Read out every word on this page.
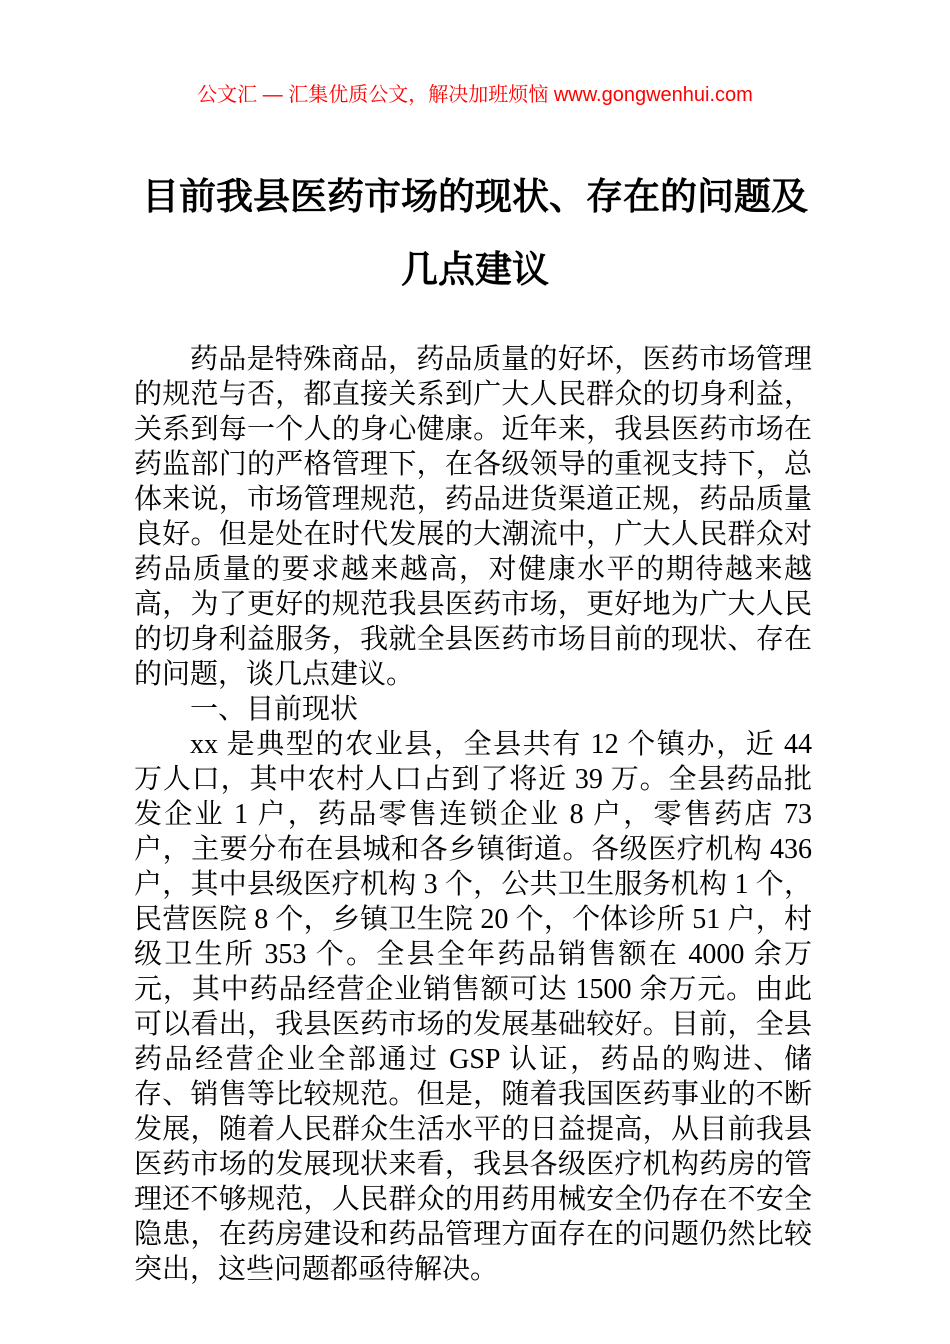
公文汇 — 汇集优质公文，解决加班烦恼 www.gongwenhui.com
目前我县医药市场的现状、存在的问题及
几点建议

药品是特殊商品，药品质量的好坏，医药市场管理的规范与否，都直接关系到广大人民群众的切身利益，关系到每一个人的身心健康。近年来，我县医药市场在药监部门的严格管理下，在各级领导的重视支持下，总体来说，市场管理规范，药品进货渠道正规，药品质量良好。但是处在时代发展的大潮流中，广大人民群众对药品质量的要求越来越高，对健康水平的期待越来越高，为了更好的规范我县医药市场，更好地为广大人民的切身利益服务，我就全县医药市场目前的现状、存在的问题，谈几点建议。

一、目前现状

xx 是典型的农业县，全县共有 12 个镇办，近 44 万人口，其中农村人口占到了将近 39 万。全县药品批发企业 1 户，药品零售连锁企业 8 户，零售药店 73 户，主要分布在县城和各乡镇街道。各级医疗机构 436 户，其中县级医疗机构 3 个，公共卫生服务机构 1 个，民营医院 8 个，乡镇卫生院 20 个，个体诊所 51 户，村级卫生所 353 个。全县全年药品销售额在 4000 余万元，其中药品经营企业销售额可达 1500 余万元。由此可以看出，我县医药市场的发展基础较好。目前，全县药品经营企业全部通过 GSP 认证，药品的购进、储存、销售等比较规范。但是，随着我国医药事业的不断发展，随着人民群众生活水平的日益提高，从目前我县医药市场的发展现状来看，我县各级医疗机构药房的管理还不够规范，人民群众的用药用械安全仍存在不安全隐患，在药房建设和药品管理方面存在的问题仍然比较突出，这些问题都亟待解决。
